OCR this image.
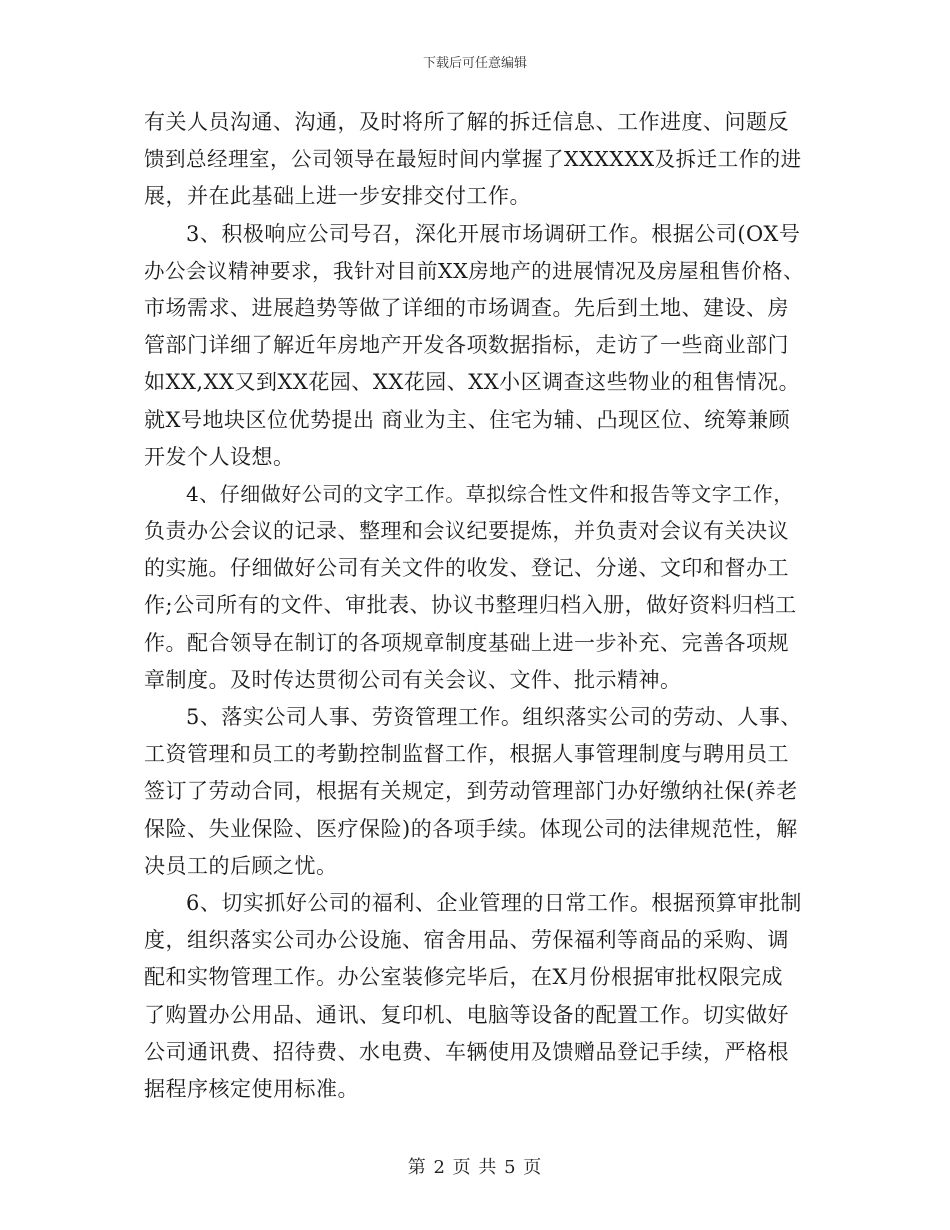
下载后可任意编辑
有关人员沟通、沟通，及时将所了解的拆迁信息、工作进度、问题反
馈到总经理室，公司领导在最短时间内掌握了XXXXXX及拆迁工作的进
展，并在此基础上进一步安排交付工作。
3、积极响应公司号召，深化开展市场调研工作。根据公司(OX号
办公会议精神要求，我针对目前XX房地产的进展情况及房屋租售价格、
市场需求、进展趋势等做了详细的市场调查。先后到土地、建设、房
管部门详细了解近年房地产开发各项数据指标，走访了一些商业部门
如XX,XX又到XX花园、XX花园、XX小区调查这些物业的租售情况。
就X号地块区位优势提出 商业为主、住宅为辅、凸现区位、统筹兼顾
开发个人设想。
4、仔细做好公司的文字工作。草拟综合性文件和报告等文字工作，
负责办公会议的记录、整理和会议纪要提炼，并负责对会议有关决议
的实施。仔细做好公司有关文件的收发、登记、分递、文印和督办工
作;公司所有的文件、审批表、协议书整理归档入册，做好资料归档工
作。配合领导在制订的各项规章制度基础上进一步补充、完善各项规
章制度。及时传达贯彻公司有关会议、文件、批示精神。
5、落实公司人事、劳资管理工作。组织落实公司的劳动、人事、
工资管理和员工的考勤控制监督工作，根据人事管理制度与聘用员工
签订了劳动合同，根据有关规定，到劳动管理部门办好缴纳社保(养老
保险、失业保险、医疗保险)的各项手续。体现公司的法律规范性，解
决员工的后顾之忧。
6、切实抓好公司的福利、企业管理的日常工作。根据预算审批制
度，组织落实公司办公设施、宿舍用品、劳保福利等商品的采购、调
配和实物管理工作。办公室装修完毕后，在X月份根据审批权限完成
了购置办公用品、通讯、复印机、电脑等设备的配置工作。切实做好
公司通讯费、招待费、水电费、车辆使用及馈赠品登记手续，严格根
据程序核定使用标准。
第 2 页 共 5 页
